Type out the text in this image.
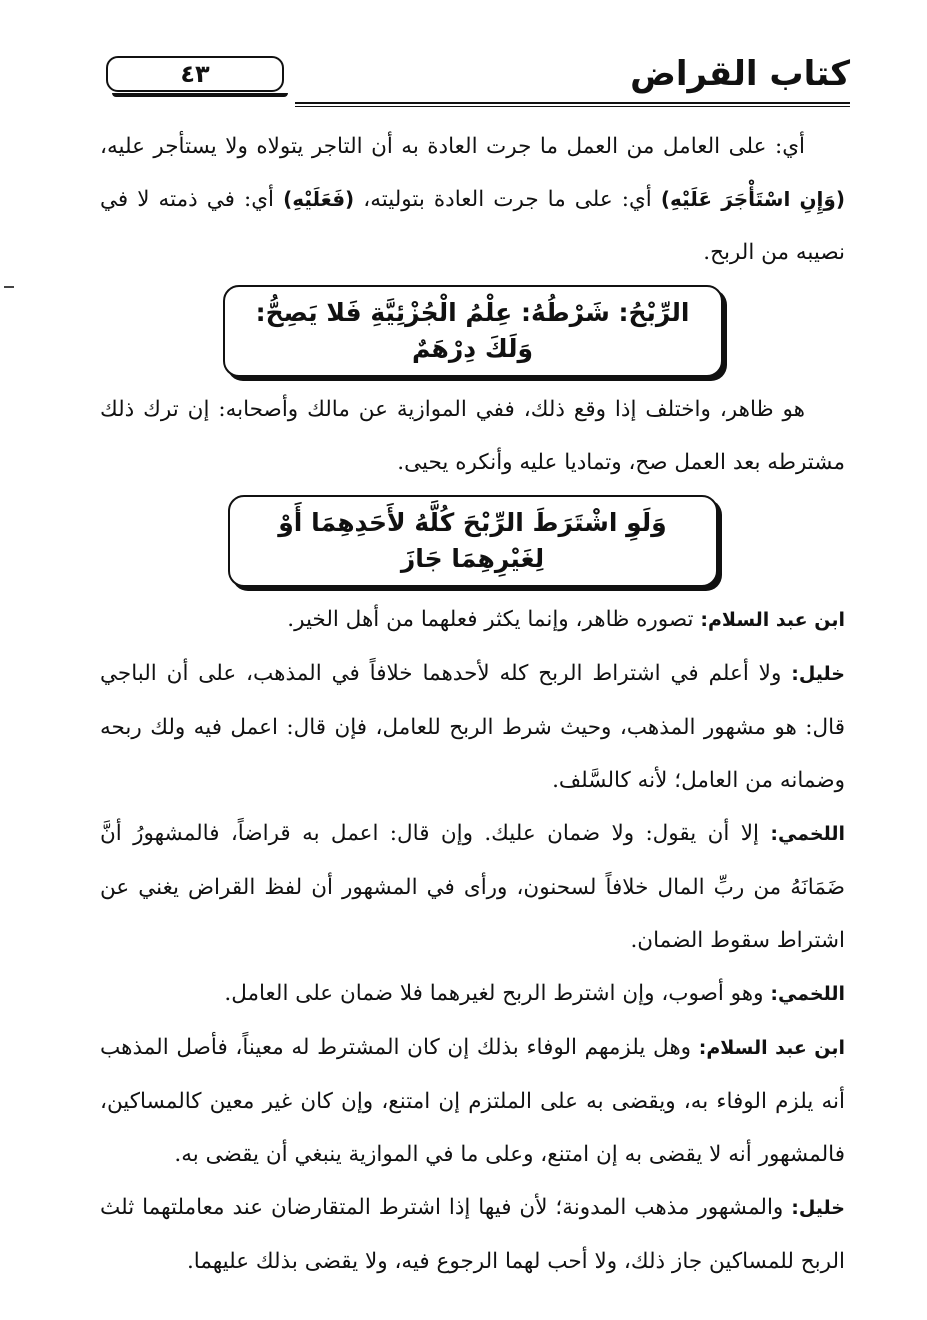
٤٣	كتاب القراض

أي: على العامل من العمل ما جرت العادة به أن التاجر يتولاه ولا يستأجر عليه، (وَإِنِ اسْتَأْجَرَ عَلَيْهِ) أي: على ما جرت العادة بتوليته، (فَعَلَيْهِ) أي: في ذمته لا في نصيبه من الربح.

الرِّبْحُ: شَرْطُهُ: عِلْمُ الْجُزْئِيَّةِ فَلا يَصِحُّ: وَلَكَ دِرْهَمٌ

هو ظاهر، واختلف إذا وقع ذلك، ففي الموازية عن مالك وأصحابه: إن ترك ذلك مشترطه بعد العمل صح، وتماديا عليه وأنكره يحيى.

وَلَوِ اشْتَرَطَ الرِّبْحَ كُلَّهُ لأَحَدِهِمَا أَوْ لِغَيْرِهِمَا جَازَ

ابن عبد السلام: تصوره ظاهر، وإنما يكثر فعلهما من أهل الخير.

خليل: ولا أعلم في اشتراط الربح كله لأحدهما خلافاً في المذهب، على أن الباجي قال: هو مشهور المذهب، وحيث شرط الربح للعامل، فإن قال: اعمل فيه ولك ربحه وضمانه من العامل؛ لأنه كالسَّلف.

اللخمي: إلا أن يقول: ولا ضمان عليك. وإن قال: اعمل به قراضاً، فالمشهورُ أنَّ ضَمَانَهُ من ربِّ المال خلافاً لسحنون، ورأى في المشهور أن لفظ القراض يغني عن اشتراط سقوط الضمان.

اللخمي: وهو أصوب، وإن اشترط الربح لغيرهما فلا ضمان على العامل.

ابن عبد السلام: وهل يلزمهم الوفاء بذلك إن كان المشترط له معيناً، فأصل المذهب أنه يلزم الوفاء به، ويقضى به على الملتزم إن امتنع، وإن كان غير معين كالمساكين، فالمشهور أنه لا يقضى به إن امتنع، وعلى ما في الموازية ينبغي أن يقضى به.

خليل: والمشهور مذهب المدونة؛ لأن فيها إذا اشترط المتقارضان عند معاملتهما ثلث الربح للمساكين جاز ذلك، ولا أحب لهما الرجوع فيه، ولا يقضى بذلك عليهما.
